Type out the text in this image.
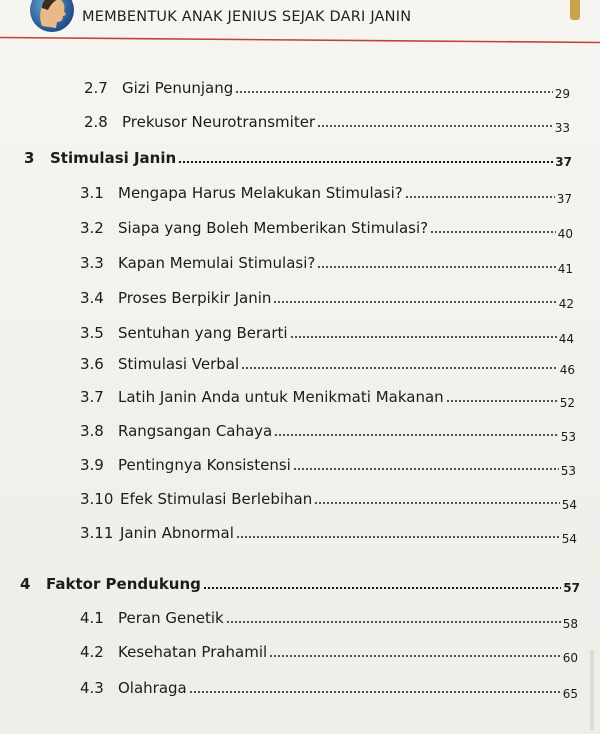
MEMBENTUK ANAK JENIUS SEJAK DARI JANIN
2.7 Gizi Penunjang	29
2.8 Prekusor Neurotransmiter	33
3	Stimulasi Janin	37
3.1 Mengapa Harus Melakukan Stimulasi?	37
3.2 Siapa yang Boleh Memberikan Stimulasi?	40
3.3 Kapan Memulai Stimulasi?	41
3.4 Proses Berpikir Janin	42
3.5 Sentuhan yang Berarti	44
3.6 Stimulasi Verbal	46
3.7 Latih Janin Anda untuk Menikmati Makanan	52
3.8 Rangsangan Cahaya	53
3.9 Pentingnya Konsistensi	53
3.10 Efek Stimulasi Berlebihan	54
3.11 Janin Abnormal	54
4	Faktor Pendukung	57
4.1 Peran Genetik	58
4.2 Kesehatan Prahamil	60
4.3 Olahraga	65
